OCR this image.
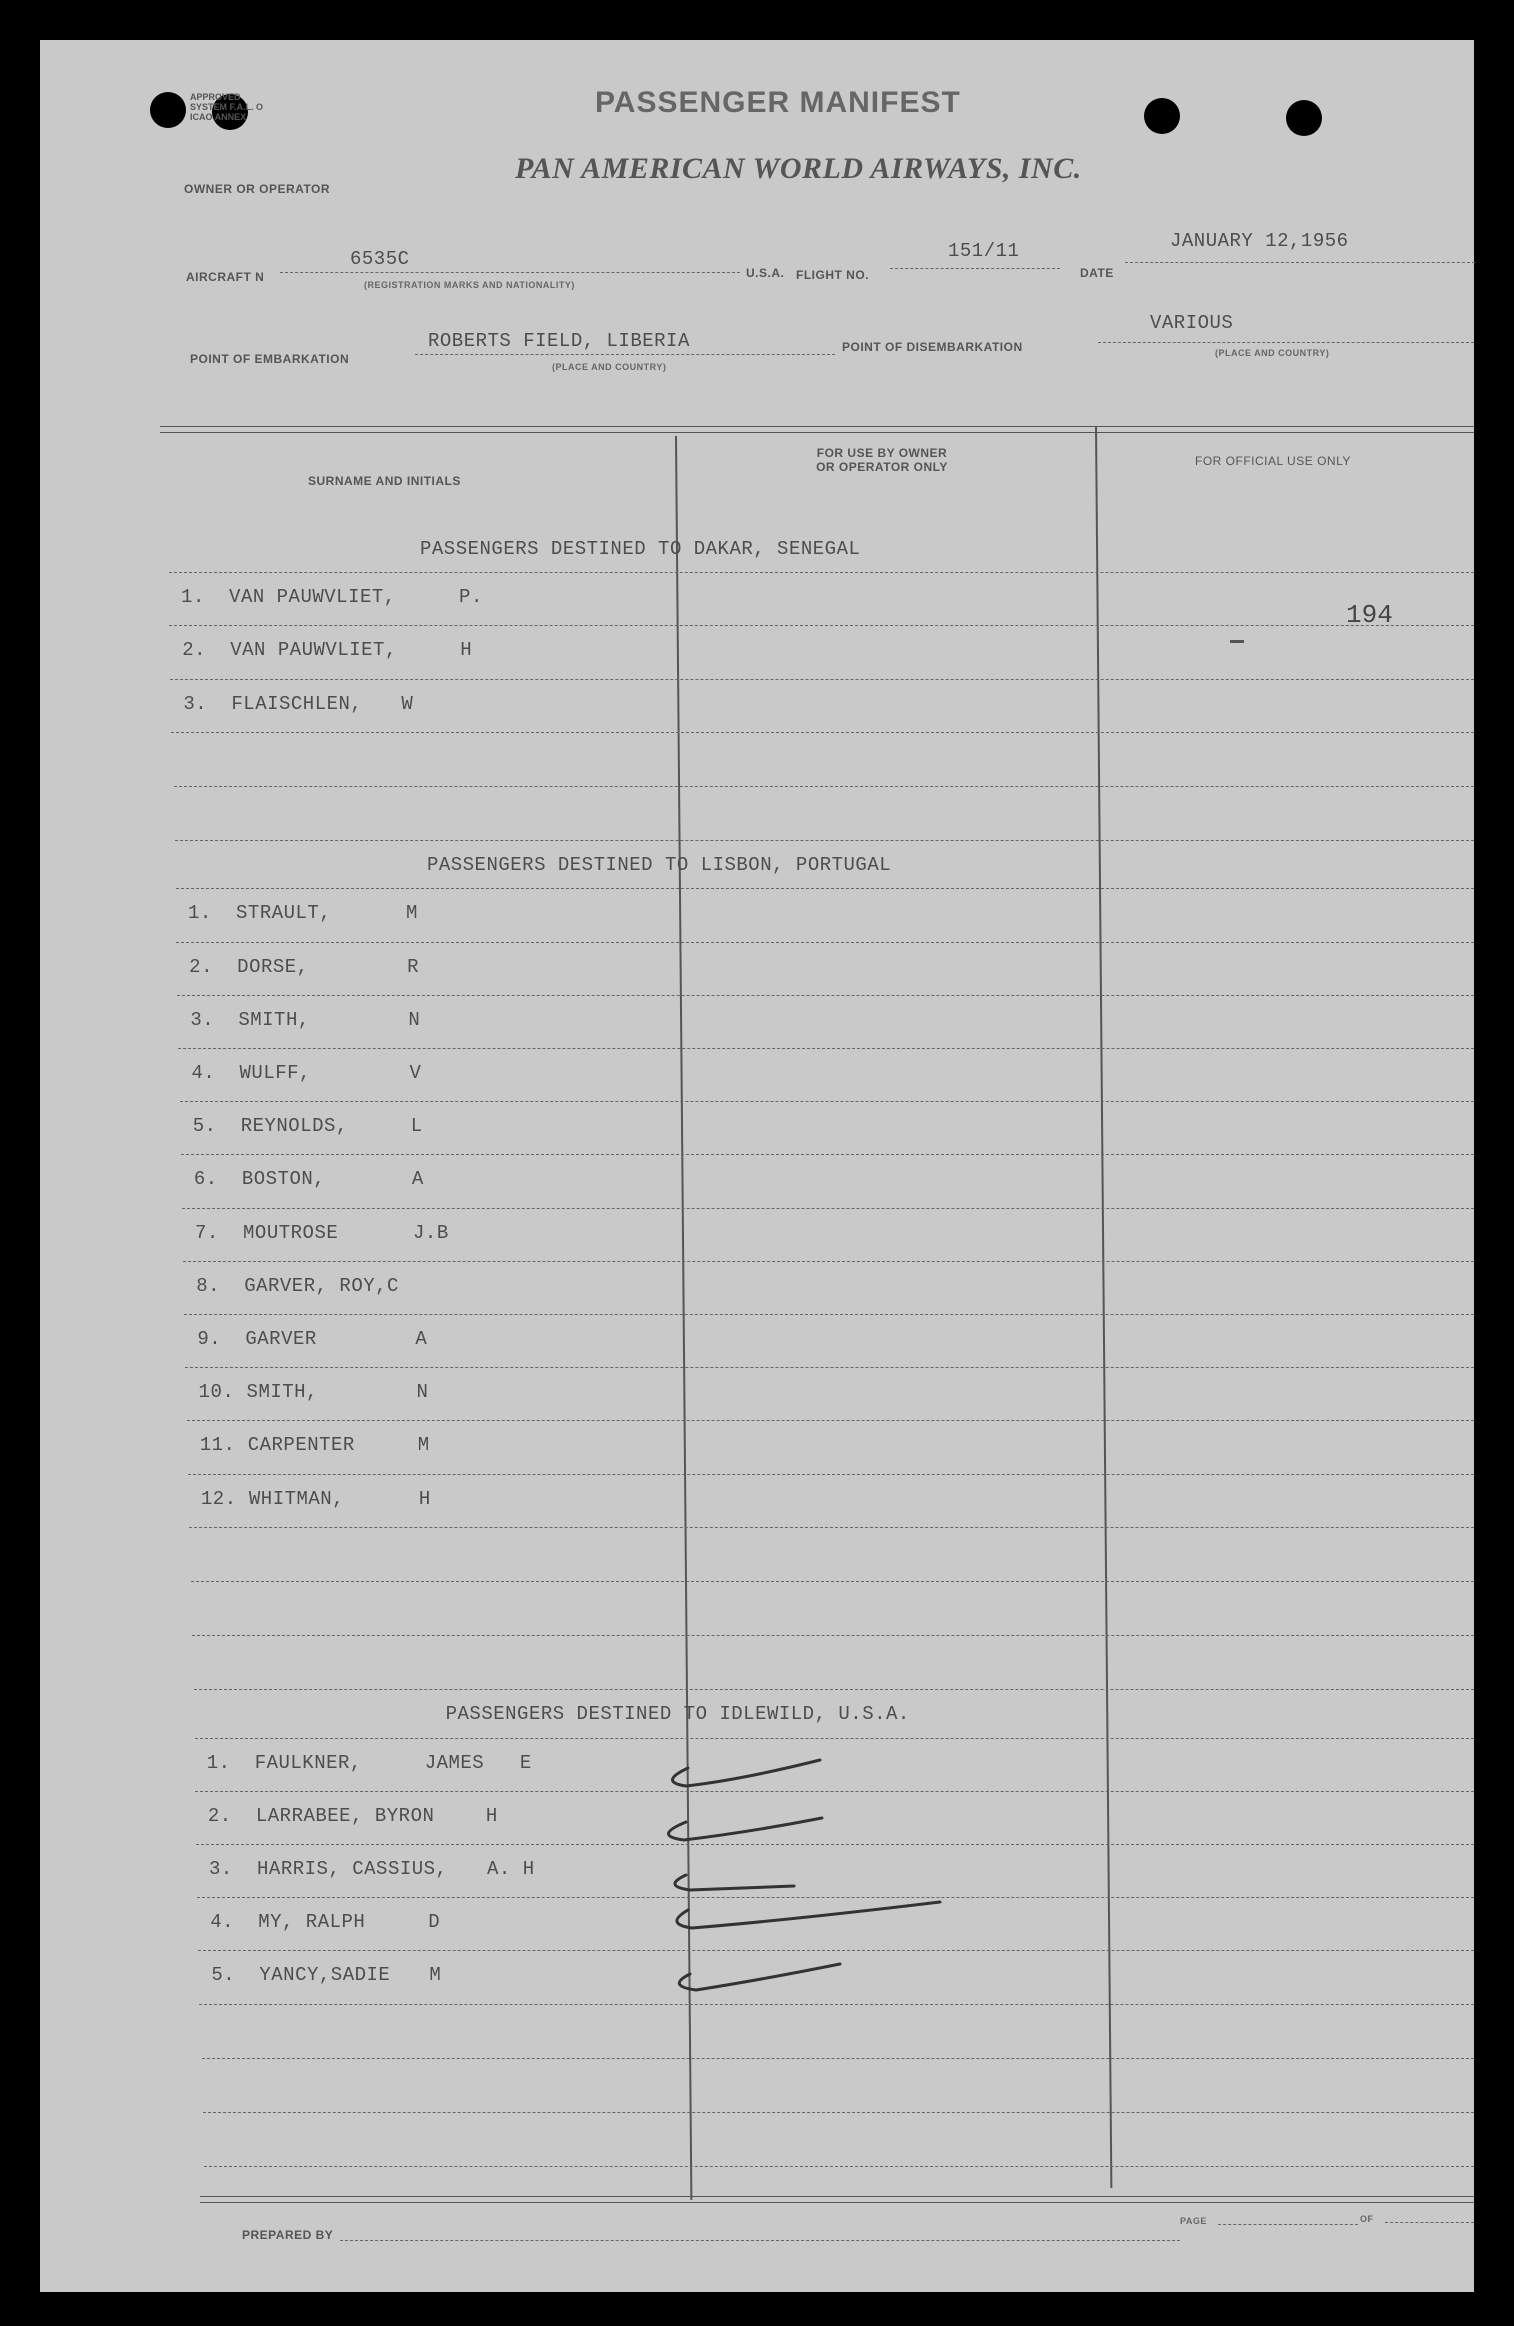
APPROVED
SYSTEM F.A.L. O
ICAO ANNEX	PASSENGER MANIFEST
PAN AMERICAN WORLD AIRWAYS, INC.
OWNER OR OPERATOR
AIRCRAFT N
6535C
(REGISTRATION MARKS AND NATIONALITY)
U.S.A. FLIGHT NO.
151/11
DATE
JANUARY 12,1956
POINT OF EMBARKATION
ROBERTS FIELD, LIBERIA
(PLACE AND COUNTRY)
POINT OF DISEMBARKATION
VARIOUS
(PLACE AND COUNTRY)
SURNAME AND INITIALS
FOR USE BY OWNER
OR OPERATOR ONLY	FOR OFFICIAL USE ONLY
194
PASSENGERS DESTINED TO DAKAR, SENEGAL
1. VAN PAUWVLIET,	P.
2. VAN PAUWVLIET,	H
3. FLAISCHLEN, W
PASSENGERS DESTINED TO LISBON, PORTUGAL
1. STRAULT,	M
2. DORSE,	R
3. SMITH,	N
4. WULFF,	V
5. REYNOLDS,	L
6. BOSTON,	A
7. MOUTROSE	J.B
8. GARVER, ROY,C
9. GARVER	A
10. SMITH,	N
11. CARPENTER	M
12. WHITMAN,	H
PASSENGERS DESTINED TO IDLEWILD, U.S.A.
1. FAULKNER,	JAMES   E
2. LARRABEE, BYRON	H
3. HARRIS, CASSIUS, A. H
4. MY, RALPH	D
5. YANCY,SADIE M
PREPARED BY
PAGE	OF
